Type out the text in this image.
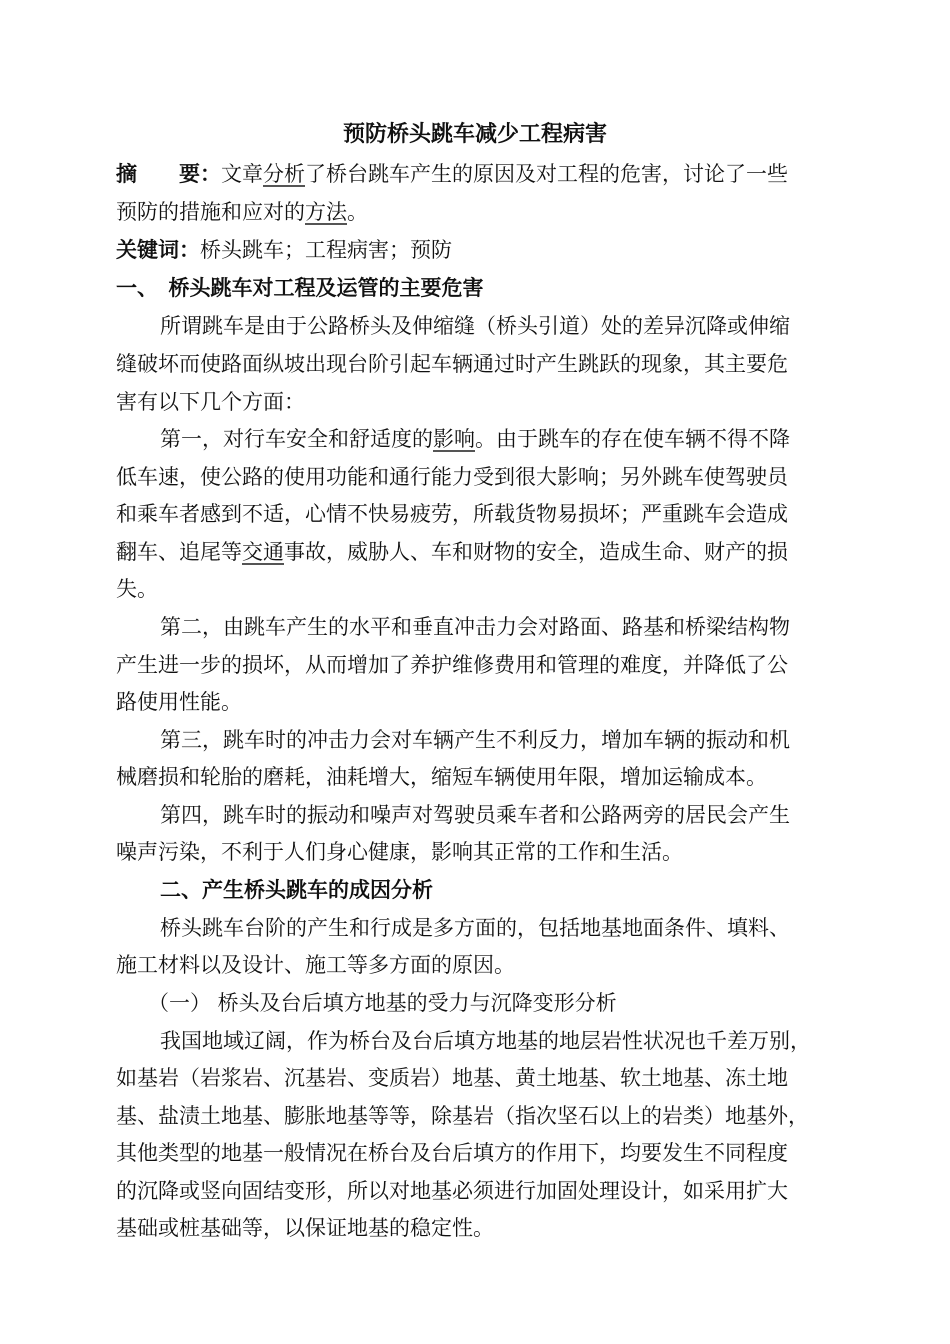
预防桥头跳车减少工程病害
摘　　要：文章分析了桥台跳车产生的原因及对工程的危害，讨论了一些
预防的措施和应对的方法。
关键词：桥头跳车；工程病害；预防
一、　桥头跳车对工程及运管的主要危害
所谓跳车是由于公路桥头及伸缩缝（桥头引道）处的差异沉降或伸缩
缝破坏而使路面纵坡出现台阶引起车辆通过时产生跳跃的现象，其主要危
害有以下几个方面：
第一，对行车安全和舒适度的影响。由于跳车的存在使车辆不得不降
低车速，使公路的使用功能和通行能力受到很大影响；另外跳车使驾驶员
和乘车者感到不适，心情不快易疲劳，所载货物易损坏；严重跳车会造成
翻车、追尾等交通事故，威胁人、车和财物的安全，造成生命、财产的损
失。
第二，由跳车产生的水平和垂直冲击力会对路面、路基和桥梁结构物
产生进一步的损坏，从而增加了养护维修费用和管理的难度，并降低了公
路使用性能。
第三，跳车时的冲击力会对车辆产生不利反力，增加车辆的振动和机
械磨损和轮胎的磨耗，油耗增大，缩短车辆使用年限，增加运输成本。
第四，跳车时的振动和噪声对驾驶员乘车者和公路两旁的居民会产生
噪声污染，不利于人们身心健康，影响其正常的工作和生活。
二、产生桥头跳车的成因分析
桥头跳车台阶的产生和行成是多方面的，包括地基地面条件、填料、
施工材料以及设计、施工等多方面的原因。
（一） 桥头及台后填方地基的受力与沉降变形分析
我国地域辽阔，作为桥台及台后填方地基的地层岩性状况也千差万别，
如基岩（岩浆岩、沉基岩、变质岩）地基、黄土地基、软土地基、冻土地
基、盐渍土地基、膨胀地基等等，除基岩（指次坚石以上的岩类）地基外，
其他类型的地基一般情况在桥台及台后填方的作用下，均要发生不同程度
的沉降或竖向固结变形，所以对地基必须进行加固处理设计，如采用扩大
基础或桩基础等，以保证地基的稳定性。
